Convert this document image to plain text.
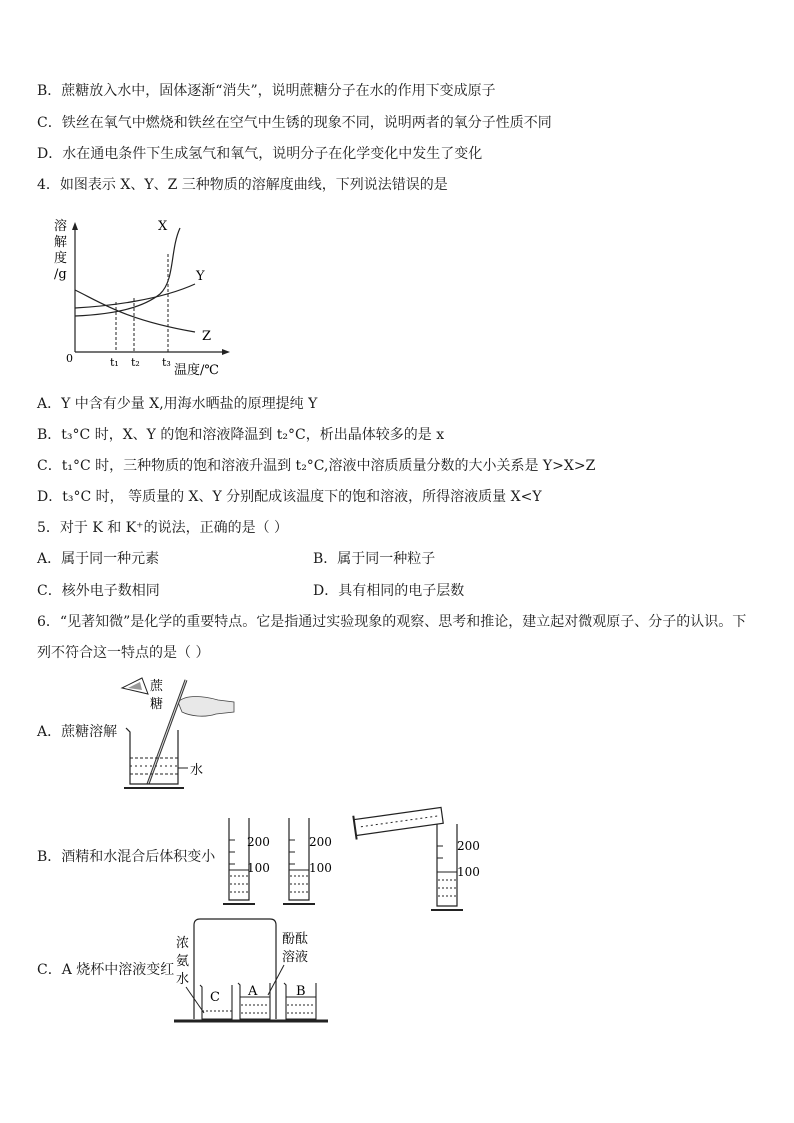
B．蔗糖放入水中，固体逐渐“消失”，说明蔗糖分子在水的作用下变成原子
C．铁丝在氧气中燃烧和铁丝在空气中生锈的现象不同，说明两者的氧分子性质不同
D．水在通电条件下生成氢气和氧气，说明分子在化学变化中发生了变化
4．如图表示 X、Y、Z 三种物质的溶解度曲线，下列说法错误的是
溶
解
度
/g
0	t₁ t₂ t₃
温度/℃
X
Y
Z
A．Y 中含有少量 X,用海水晒盐的原理提纯 Y
B．t₃°C 时，X、Y 的饱和溶液降温到 t₂°C，析出晶体较多的是 x
C．t₁°C 时，三种物质的饱和溶液升温到 t₂°C,溶液中溶质质量分数的大小关系是 Y>X>Z
D．t₃°C 时， 等质量的 X、Y 分别配成该温度下的饱和溶液，所得溶液质量 X<Y
5．对于 K 和 K⁺的说法，正确的是（ ）
A．属于同一种元素	B．属于同一种粒子
C．核外电子数相同	D．具有相同的电子层数
6．“见著知微”是化学的重要特点。它是指通过实验现象的观察、思考和推论，建立起对微观原子、分子的认识。下
列不符合这一特点的是（ ）
A．蔗糖溶解
蔗
糖
水
B．酒精和水混合后体积变小
200
100
200
100
200
100
C．A 烧杯中溶液变红
浓
氨
水
酚酞
溶液
C A	B
